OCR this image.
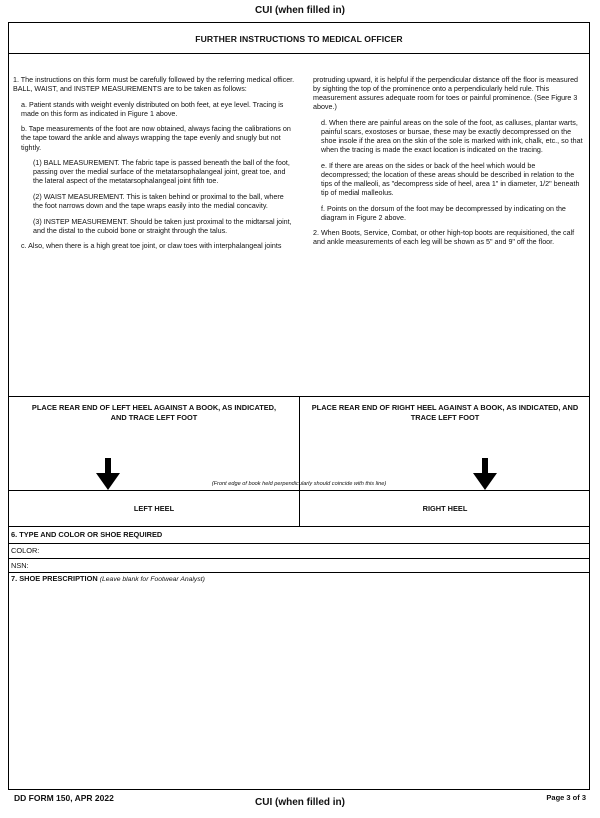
CUI (when filled in)
FURTHER INSTRUCTIONS TO MEDICAL OFFICER

1. The instructions on this form must be carefully followed by the referring medical officer. BALL, WAIST, and INSTEP MEASUREMENTS are to be taken as follows:

a. Patient stands with weight evenly distributed on both feet, at eye level. Tracing is made on this form as indicated in Figure 1 above.

b. Tape measurements of the foot are now obtained, always facing the calibrations on the tape toward the ankle and always wrapping the tape evenly and snugly but not tightly.

(1) BALL MEASUREMENT. The fabric tape is passed beneath the ball of the foot, passing over the medial surface of the metatarsophalangeal joint, great toe, and the lateral aspect of the metatarsophalangeal joint fifth toe.

(2) WAIST MEASUREMENT. This is taken behind or proximal to the ball, where the foot narrows down and the tape wraps easily into the medial concavity.

(3) INSTEP MEASUREMENT. Should be taken just proximal to the midtarsal joint, and the distal to the cuboid bone or straight through the talus.

c. Also, when there is a high great toe joint, or claw toes with interphalangeal joints

protruding upward, it is helpful if the perpendicular distance off the floor is measured by sighting the top of the prominence onto a perpendicularly held rule. This measurement assures adequate room for toes or painful prominence. (See Figure 3 above.)

d. When there are painful areas on the sole of the foot, as calluses, plantar warts, painful scars, exostoses or bursae, these may be exactly decompressed on the shoe insole if the area on the skin of the sole is marked with ink, chalk, etc., so that when the tracing is made the exact location is indicated on the tracing.

e. If there are areas on the sides or back of the heel which would be decompressed; the location of these areas should be described in relation to the tips of the malleoli, as "decompress side of heel, area 1" in diameter, 1/2" beneath tip of medial malleolus.

f. Points on the dorsum of the foot may be decompressed by indicating on the diagram in Figure 2 above.

2. When Boots, Service, Combat, or other high-top boots are requisitioned, the calf and ankle measurements of each leg will be shown as 5" and 9" off the floor.

PLACE REAR END OF LEFT HEEL AGAINST A BOOK, AS INDICATED, AND TRACE LEFT FOOT
PLACE REAR END OF RIGHT HEEL AGAINST A BOOK, AS INDICATED, AND TRACE LEFT FOOT
(Front edge of book held perpendicularly should coincide with this line)
LEFT HEEL	RIGHT HEEL
6. TYPE AND COLOR OR SHOE REQUIRED
COLOR:
NSN:
7. SHOE PRESCRIPTION (Leave blank for Footwear Analyst)
DD FORM 150, APR 2022	CUI (when filled in)	Page 3 of 3
